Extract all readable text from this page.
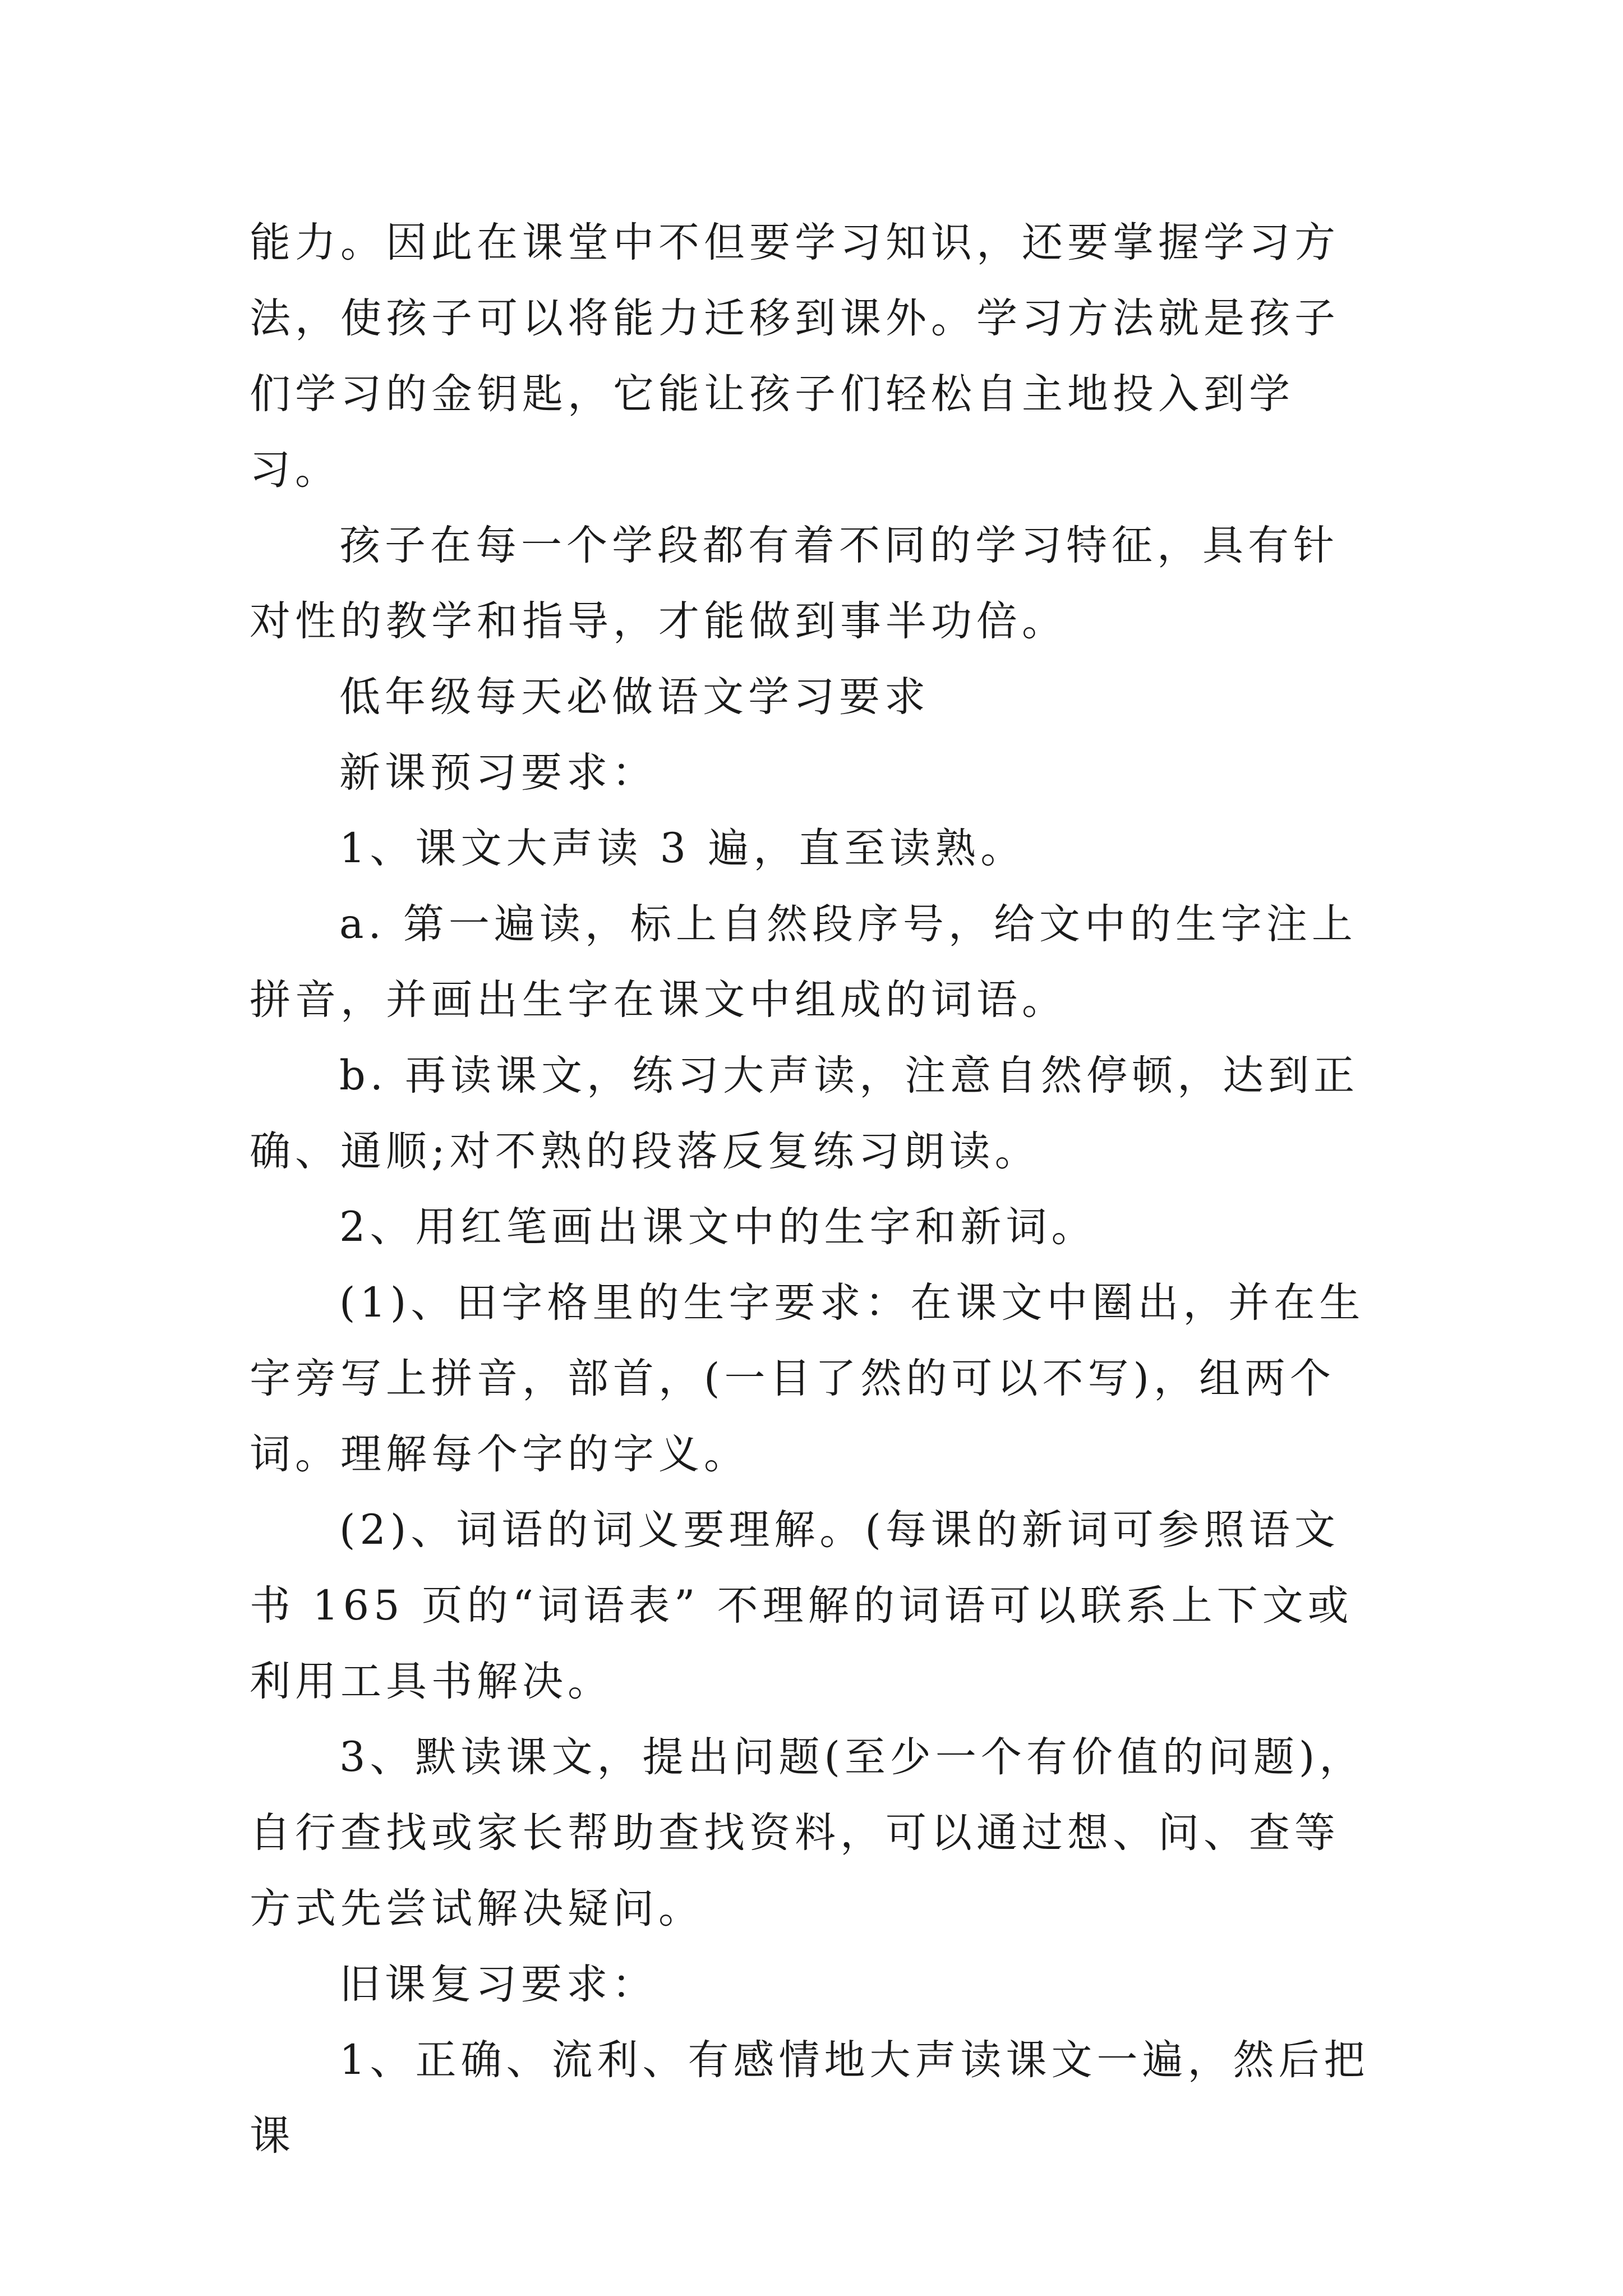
能力。因此在课堂中不但要学习知识，还要掌握学习方法，使孩子可以将能力迁移到课外。学习方法就是孩子们学习的金钥匙，它能让孩子们轻松自主地投入到学习。

孩子在每一个学段都有着不同的学习特征，具有针对性的教学和指导，才能做到事半功倍。

低年级每天必做语文学习要求

新课预习要求：

1、课文大声读 3 遍，直至读熟。

a. 第一遍读，标上自然段序号，给文中的生字注上拼音，并画出生字在课文中组成的词语。

b. 再读课文，练习大声读，注意自然停顿，达到正确、通顺;对不熟的段落反复练习朗读。

2、用红笔画出课文中的生字和新词。

(1)、田字格里的生字要求：在课文中圈出，并在生字旁写上拼音，部首，(一目了然的可以不写)，组两个词。理解每个字的字义。

(2)、词语的词义要理解。(每课的新词可参照语文书 165 页的“词语表” 不理解的词语可以联系上下文或利用工具书解决。

3、默读课文，提出问题(至少一个有价值的问题)，自行查找或家长帮助查找资料，可以通过想、问、查等方式先尝试解决疑问。

旧课复习要求：

1、正确、流利、有感情地大声读课文一遍，然后把课
